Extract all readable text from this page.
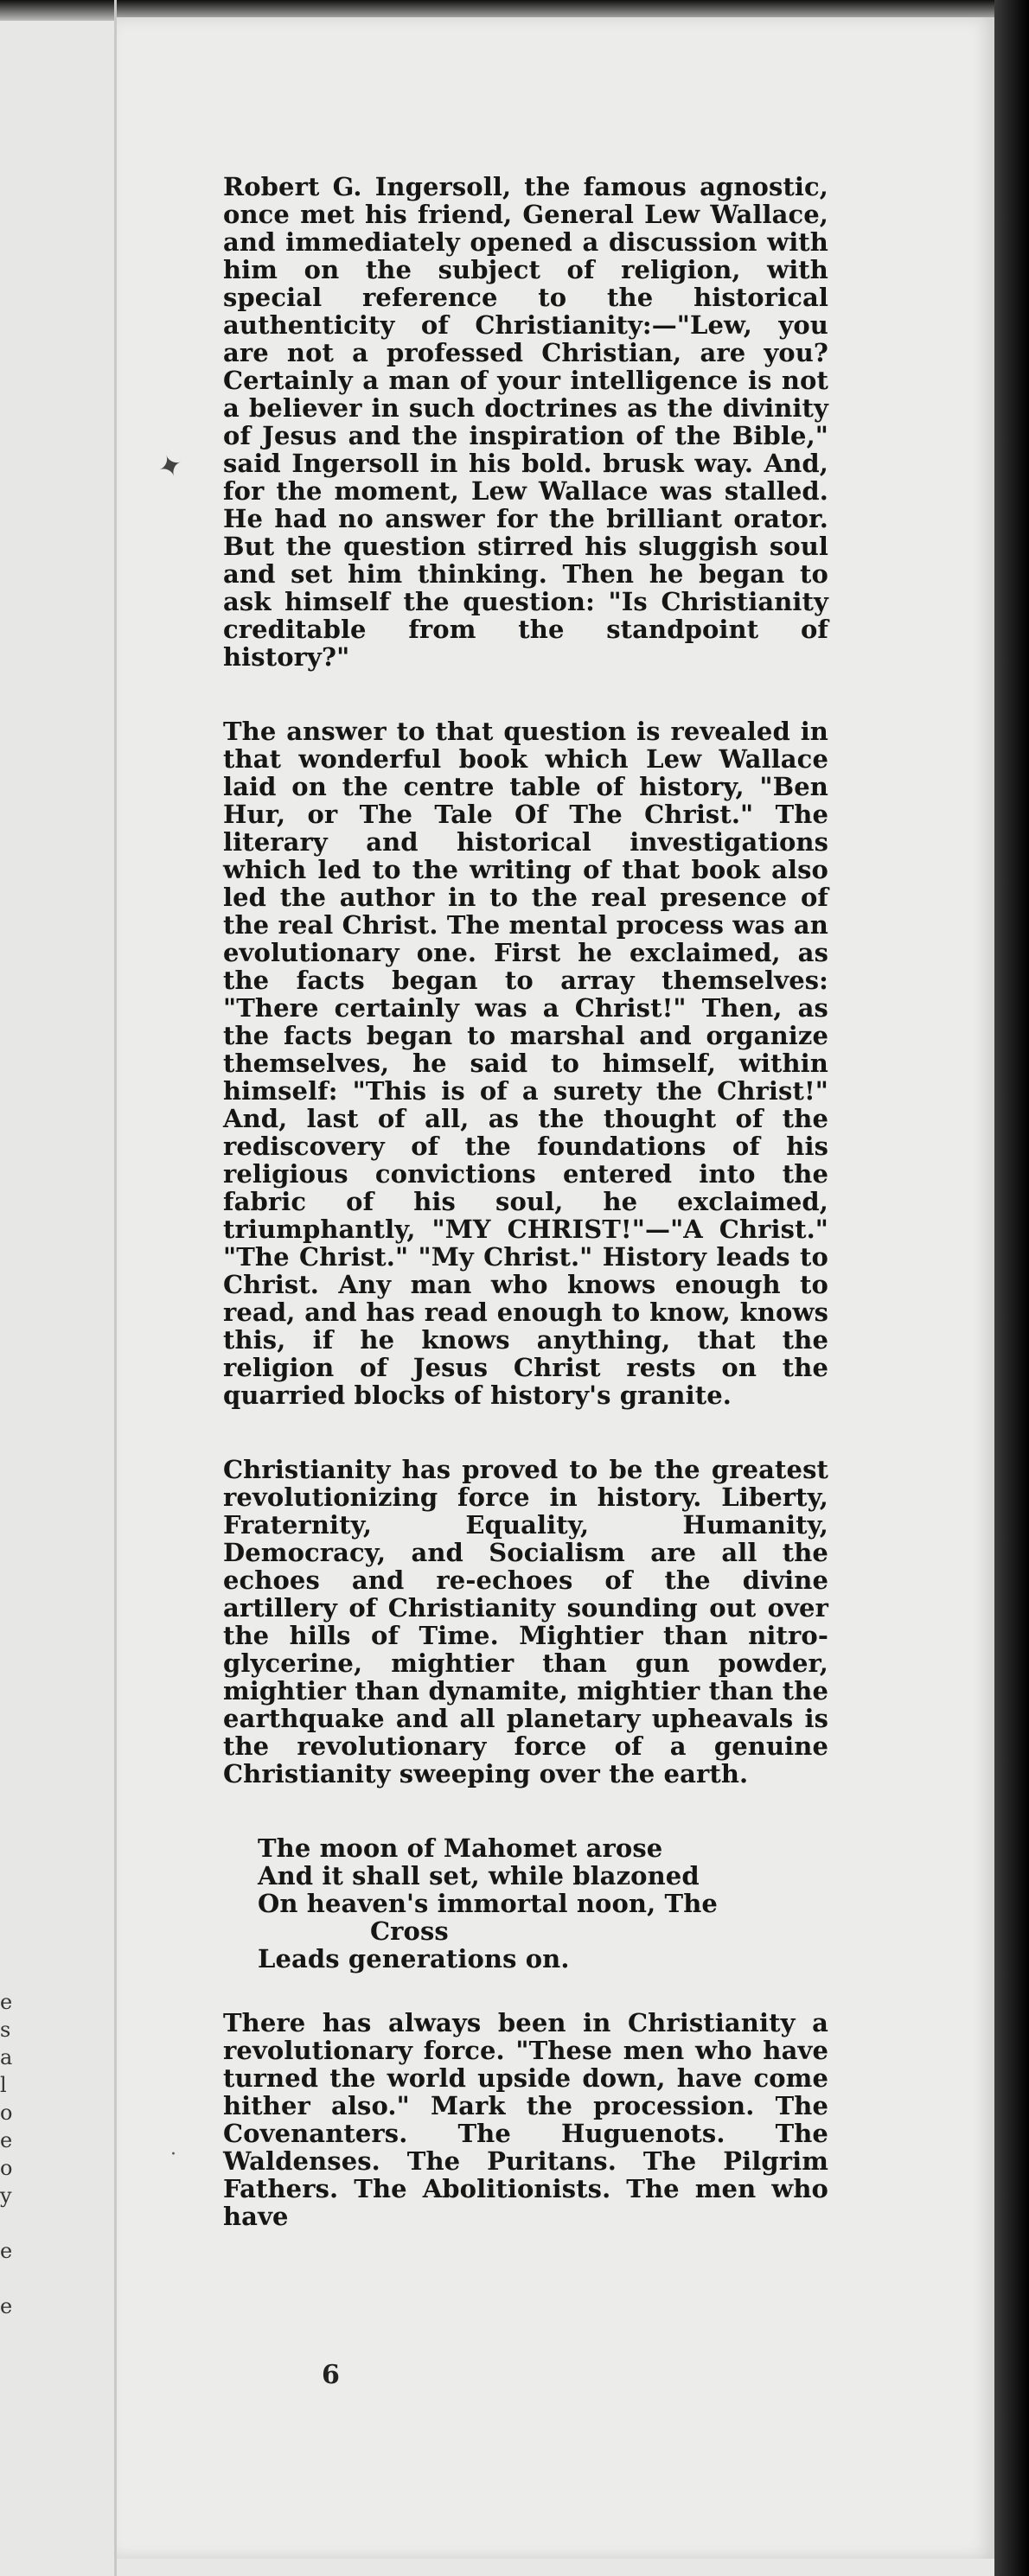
e
s
a
l
o
e
o
y
e
e
✦
·

Robert G. Ingersoll, the famous agnostic, once met his friend, General Lew Wallace, and immediately opened a discussion with him on the subject of religion, with special reference to the historical authenticity of Christianity:—"Lew, you are not a professed Christian, are you? Certainly a man of your intelligence is not a believer in such doctrines as the divinity of Jesus and the inspiration of the Bible," said Ingersoll in his bold. brusk way. And, for the moment, Lew Wallace was stalled. He had no answer for the brilliant orator. But the question stirred his sluggish soul and set him thinking. Then he began to ask himself the question: "Is Christianity creditable from the standpoint of history?"

The answer to that question is revealed in that wonderful book which Lew Wallace laid on the centre table of history, "Ben Hur, or The Tale Of The Christ." The literary and historical investigations which led to the writing of that book also led the author in to the real presence of the real Christ. The mental process was an evolutionary one. First he exclaimed, as the facts began to array themselves: "There certainly was a Christ!" Then, as the facts began to marshal and organize themselves, he said to himself, within himself: "This is of a surety the Christ!" And, last of all, as the thought of the rediscovery of the foundations of his religious convictions entered into the fabric of his soul, he exclaimed, triumphantly, "MY CHRIST!"—"A Christ." "The Christ." "My Christ." History leads to Christ. Any man who knows enough to read, and has read enough to know, knows this, if he knows anything, that the religion of Jesus Christ rests on the quarried blocks of history's granite.

Christianity has proved to be the greatest revolutionizing force in history. Liberty, Fraternity, Equality, Humanity, Democracy, and Socialism are all the echoes and re-echoes of the divine artillery of Christianity sounding out over the hills of Time. Mightier than nitro-glycerine, mightier than gun powder, mightier than dynamite, mightier than the earthquake and all planetary upheavals is the revolutionary force of a genuine Christianity sweeping over the earth.

The moon of Mahomet arose
And it shall set, while blazoned
On heaven's immortal noon, The
Cross
Leads generations on.

There has always been in Christianity a revolutionary force. "These men who have turned the world upside down, have come hither also." Mark the procession. The Covenanters. The Huguenots. The Waldenses. The Puritans. The Pilgrim Fathers. The Abolitionists. The men who have

6
